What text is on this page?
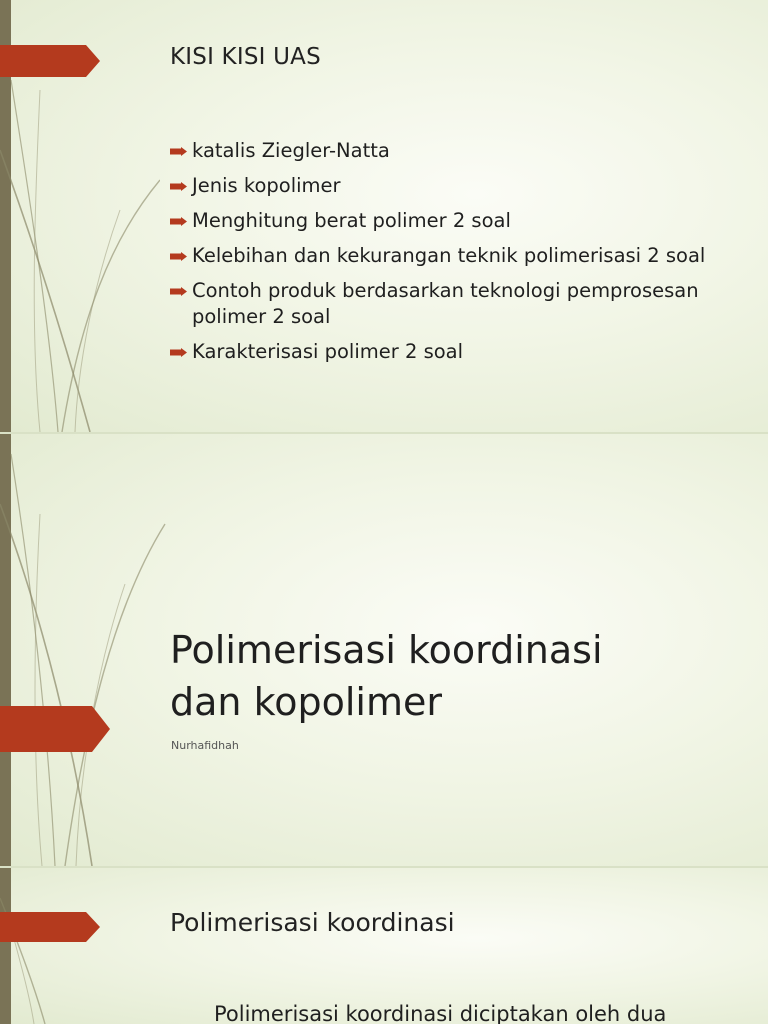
KISI KISI UAS
katalis Ziegler-Natta
Jenis kopolimer
Menghitung berat polimer 2 soal
Kelebihan dan kekurangan teknik polimerisasi 2 soal
Contoh produk berdasarkan teknologi pemprosesan polimer 2 soal
Karakterisasi polimer 2 soal
Polimerisasi koordinasi
dan kopolimer
Nurhafidhah
Polimerisasi koordinasi
Polimerisasi koordinasi diciptakan oleh dua
